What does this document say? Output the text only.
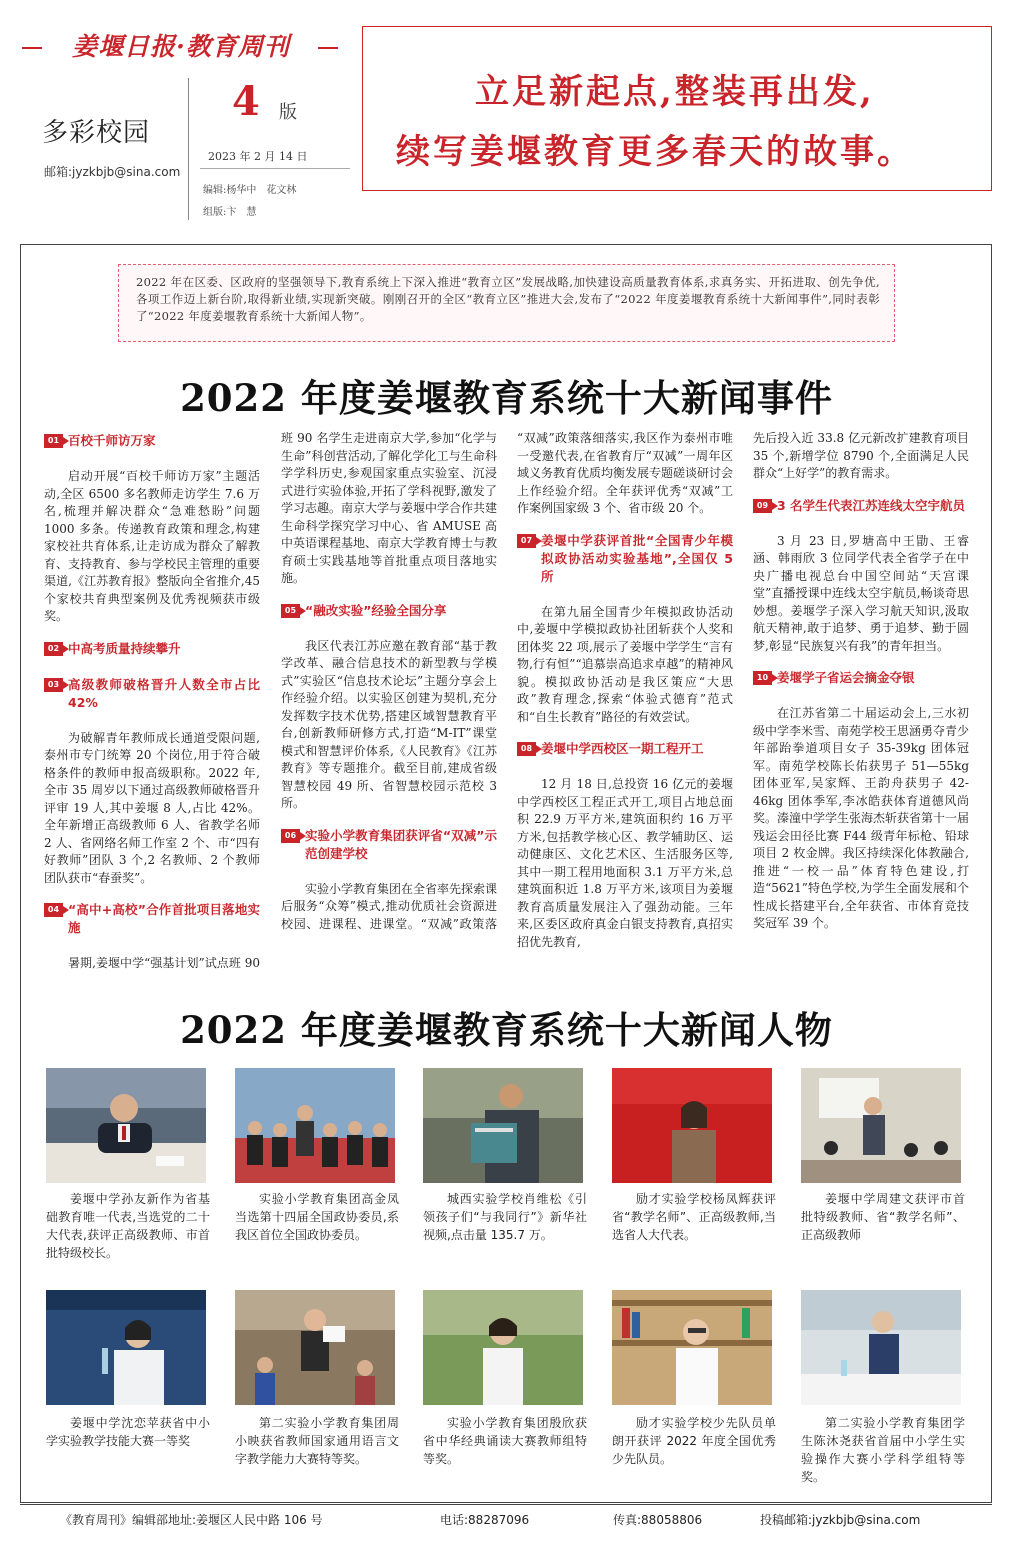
姜堰日报·教育周刊
多彩校园
邮箱:jyzkbjb@sina.com
4 版
2023 年 2 月 14 日
编辑:杨华中　花文林
组版:卞　慧
立足新起点,整装再出发,
续写姜堰教育更多春天的故事。
2022 年在区委、区政府的坚强领导下,教育系统上下深入推进“教育立区”发展战略,加快建设高质量教育体系,求真务实、开拓进取、创先争优,各项工作迈上新台阶,取得新业绩,实现新突破。刚刚召开的全区“教育立区”推进大会,发布了“2022 年度姜堰教育系统十大新闻事件”,同时表彰了“2022 年度姜堰教育系统十大新闻人物”。
2022 年度姜堰教育系统十大新闻事件
01 百校千师访万家

启动开展“百校千师访万家”主题活动,全区 6500 多名教师走访学生 7.6 万名,梳理并解决群众“急难愁盼”问题 1000 多条。传递教育政策和理念,构建家校社共育体系,让走访成为群众了解教育、支持教育、参与学校民主管理的重要渠道,《江苏教育报》整版向全省推介,45 个家校共育典型案例及优秀视频获市级奖。

02 中高考质量持续攀升
03 高级教师破格晋升人数全市占比 42%

为破解青年教师成长通道受限问题,泰州市专门统筹 20 个岗位,用于符合破格条件的教师申报高级职称。2022 年,全市 35 周岁以下通过高级教师破格晋升评审 19 人,其中姜堰 8 人,占比 42%。全年新增正高级教师 6 人、省教学名师 2 人、省网络名师工作室 2 个、市“四有好教师”团队 3 个,2 名教师、2 个教师团队获市“春蚕奖”。

04 “高中+高校”合作首批项目落地实施

暑期,姜堰中学“强基计划”试点班 90

班 90 名学生走进南京大学,参加“化学与生命”科创营活动,了解化学化工与生命科学学科历史,参观国家重点实验室、沉浸式进行实验体验,开拓了学科视野,激发了学习志趣。南京大学与姜堰中学合作共建生命科学探究学习中心、省 AMUSE 高中英语课程基地、南京大学教育博士与教育硕士实践基地等首批重点项目落地实施。

05 “融改实验”经验全国分享

我区代表江苏应邀在教育部“基于教学改革、融合信息技术的新型教与学模式”实验区“信息技术论坛”主题分享会上作经验介绍。以实验区创建为契机,充分发挥数字技术优势,搭建区域智慧教育平台,创新教师研修方式,打造“M-IT”课堂模式和智慧评价体系,《人民教育》《江苏教育》等专题推介。截至目前,建成省级智慧校园 49 所、省智慧校园示范校 3 所。

06 实验小学教育集团获评省“双减”示范创建学校

实验小学教育集团在全省率先探索课后服务“众筹”模式,推动优质社会资源进校园、进课程、进课堂。“双减”政策落

“双减”政策落细落实,我区作为泰州市唯一受邀代表,在省教育厅“双减”一周年区域义务教育优质均衡发展专题磋谈研讨会上作经验介绍。全年获评优秀“双减”工作案例国家级 3 个、省市级 20 个。

07 姜堰中学获评首批“全国青少年模拟政协活动实验基地”,全国仅 5 所

在第九届全国青少年模拟政协活动中,姜堰中学模拟政协社团斩获个人奖和团体奖 22 项,展示了姜堰中学学生“言有物,行有恒”“追慕崇高追求卓越”的精神风貌。模拟政协活动是我区策应“大思政”教育理念,探索“体验式德育”范式和“自生长教育”路径的有效尝试。

08 姜堰中学西校区一期工程开工

12 月 18 日,总投资 16 亿元的姜堰中学西校区工程正式开工,项目占地总面积 22.9 万平方米,建筑面积约 16 万平方米,包括教学核心区、教学辅助区、运动健康区、文化艺术区、生活服务区等,其中一期工程用地面积 3.1 万平方米,总建筑面积近 1.8 万平方米,该项目为姜堰教育高质量发展注入了强劲动能。三年来,区委区政府真金白银支持教育,真招实招优先教育,

先后投入近 33.8 亿元新改扩建教育项目 35 个,新增学位 8790 个,全面满足人民群众“上好学”的教育需求。

09 3 名学生代表江苏连线太空宇航员

3 月 23 日,罗塘高中王勖、王睿涵、韩雨欣 3 位同学代表全省学子在中央广播电视总台中国空间站“天宫课堂”直播授课中连线太空宇航员,畅谈奇思妙想。姜堰学子深入学习航天知识,汲取航天精神,敢于追梦、勇于追梦、勤于圆梦,彰显“民族复兴有我”的青年担当。

10 姜堰学子省运会摘金夺银

在江苏省第二十届运动会上,三水初级中学李米雪、南苑学校王思涵勇夺青少年部跆拳道项目女子 35-39kg 团体冠军。南苑学校陈长佑获男子 51—55kg 团体亚军,吴家辉、王韵舟获男子 42-46kg 团体季军,李冰皓获体育道德风尚奖。溱潼中学学生张海杰斩获省第十一届残运会田径比赛 F44 级青年标枪、铅球项目 2 枚金牌。我区持续深化体教融合,推进“一校一品”体育特色建设,打造“5621”特色学校,为学生全面发展和个性成长搭建平台,全年获省、市体育竞技奖冠军 39 个。

2022 年度姜堰教育系统十大新闻人物
姜堰中学孙友新作为省基础教育唯一代表,当选党的二十大代表,获评正高级教师、市首批特级校长。
实验小学教育集团高金凤当选第十四届全国政协委员,系我区首位全国政协委员。
城西实验学校肖维松《引领孩子们“与我同行”》新华社视频,点击量 135.7 万。
励才实验学校杨凤辉获评省“教学名师”、正高级教师,当选省人大代表。
姜堰中学周建文获评市首批特级教师、省“教学名师”、正高级教师
姜堰中学沈恋苹获省中小学实验教学技能大赛一等奖
第二实验小学教育集团周小映获省教师国家通用语言文字教学能力大赛特等奖。
实验小学教育集团殷欣获省中华经典诵读大赛教师组特等奖。
励才实验学校少先队员单朗开获评 2022 年度全国优秀少先队员。
第二实验小学教育集团学生陈沐尧获省首届中小学生实验操作大赛小学科学组特等奖。
《教育周刊》编辑部地址:姜堰区人民中路 106 号	电话:88287096	传真:88058806	投稿邮箱:jyzkbjb@sina.com
